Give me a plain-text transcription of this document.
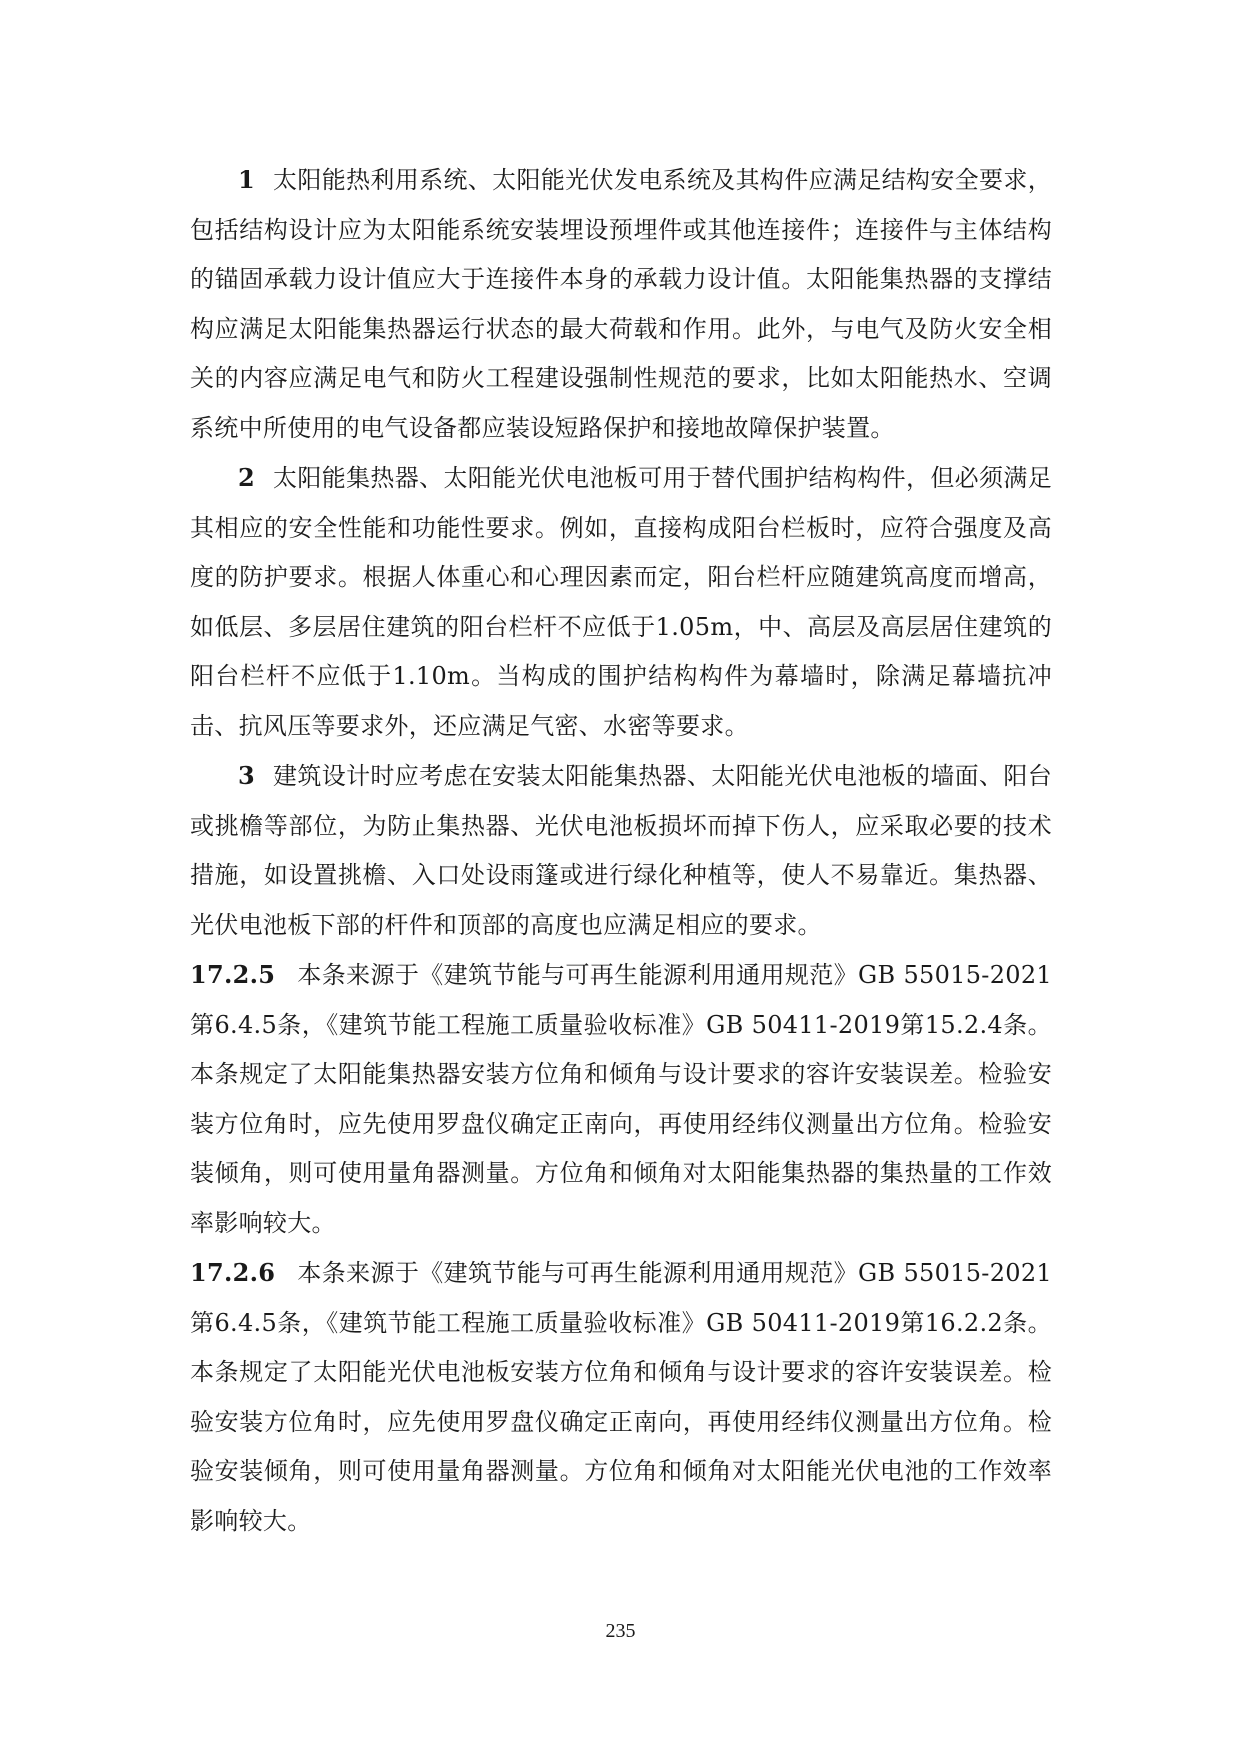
1 太阳能热利用系统、太阳能光伏发电系统及其构件应满足结构安全要求，包括结构设计应为太阳能系统安装埋设预埋件或其他连接件；连接件与主体结构的锚固承载力设计值应大于连接件本身的承载力设计值。太阳能集热器的支撑结构应满足太阳能集热器运行状态的最大荷载和作用。此外，与电气及防火安全相关的内容应满足电气和防火工程建设强制性规范的要求，比如太阳能热水、空调系统中所使用的电气设备都应装设短路保护和接地故障保护装置。

2 太阳能集热器、太阳能光伏电池板可用于替代围护结构构件，但必须满足其相应的安全性能和功能性要求。例如，直接构成阳台栏板时，应符合强度及高度的防护要求。根据人体重心和心理因素而定，阳台栏杆应随建筑高度而增高，如低层、多层居住建筑的阳台栏杆不应低于1.05m，中、高层及高层居住建筑的阳台栏杆不应低于1.10m。当构成的围护结构构件为幕墙时，除满足幕墙抗冲击、抗风压等要求外，还应满足气密、水密等要求。

3 建筑设计时应考虑在安装太阳能集热器、太阳能光伏电池板的墙面、阳台或挑檐等部位，为防止集热器、光伏电池板损坏而掉下伤人，应采取必要的技术措施，如设置挑檐、入口处设雨篷或进行绿化种植等，使人不易靠近。集热器、光伏电池板下部的杆件和顶部的高度也应满足相应的要求。

17.2.5 本条来源于《建筑节能与可再生能源利用通用规范》GB 55015-2021第6.4.5条，《建筑节能工程施工质量验收标准》GB 50411-2019第15.2.4条。本条规定了太阳能集热器安装方位角和倾角与设计要求的容许安装误差。检验安装方位角时，应先使用罗盘仪确定正南向，再使用经纬仪测量出方位角。检验安装倾角，则可使用量角器测量。方位角和倾角对太阳能集热器的集热量的工作效率影响较大。

17.2.6 本条来源于《建筑节能与可再生能源利用通用规范》GB 55015-2021第6.4.5条，《建筑节能工程施工质量验收标准》GB 50411-2019第16.2.2条。本条规定了太阳能光伏电池板安装方位角和倾角与设计要求的容许安装误差。检验安装方位角时，应先使用罗盘仪确定正南向，再使用经纬仪测量出方位角。检验安装倾角，则可使用量角器测量。方位角和倾角对太阳能光伏电池的工作效率影响较大。

235
